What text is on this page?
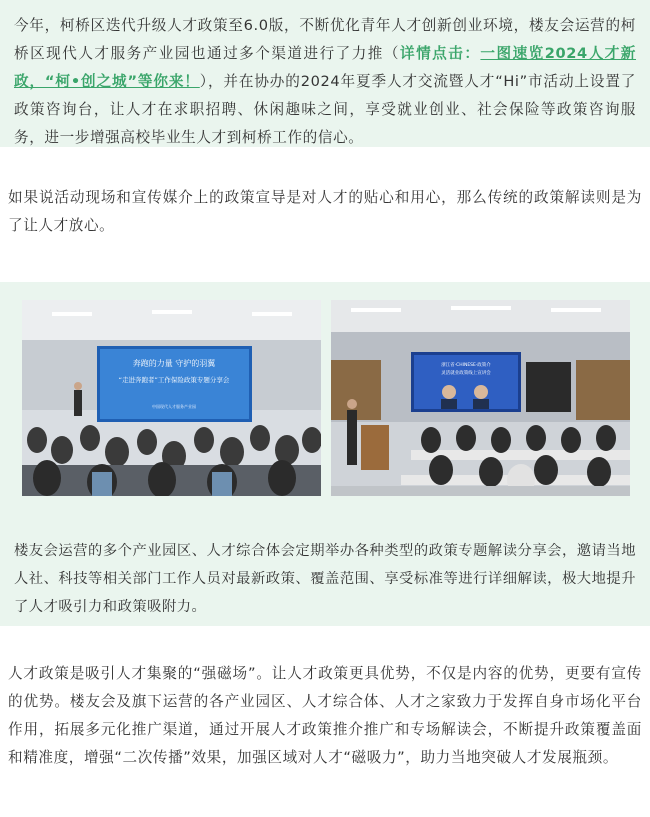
今年，柯桥区迭代升级人才政策至6.0版，不断优化青年人才创新创业环境，楼友会运营的柯桥区现代人才服务产业园也通过多个渠道进行了力推（详情点击：一图速览2024人才新政，“柯•创之城”等你来！），并在协办的2024年夏季人才交流暨人才“Hi”市活动上设置了政策咨询台，让人才在求职招聘、休闲趣味之间，享受就业创业、社会保险等政策咨询服务，进一步增强高校毕业生人才到柯桥工作的信心。

如果说活动现场和宣传媒介上的政策宣导是对人才的贴心和用心，那么传统的政策解读则是为了让人才放心。

奔跑的力量 守护的羽翼
“走进奔跑者”工作保险政策专题分享会
中国现代人才服务产业园
浙江省·CHINESE·政策介
灵活就业政策线上宣讲会

楼友会运营的多个产业园区、人才综合体会定期举办各种类型的政策专题解读分享会，邀请当地人社、科技等相关部门工作人员对最新政策、覆盖范围、享受标准等进行详细解读，极大地提升了人才吸引力和政策吸附力。

人才政策是吸引人才集聚的“强磁场”。让人才政策更具优势，不仅是内容的优势，更要有宣传的优势。楼友会及旗下运营的各产业园区、人才综合体、人才之家致力于发挥自身市场化平台作用，拓展多元化推广渠道，通过开展人才政策推介推广和专场解读会，不断提升政策覆盖面和精准度，增强“二次传播”效果，加强区域对人才“磁吸力”，助力当地突破人才发展瓶颈。
